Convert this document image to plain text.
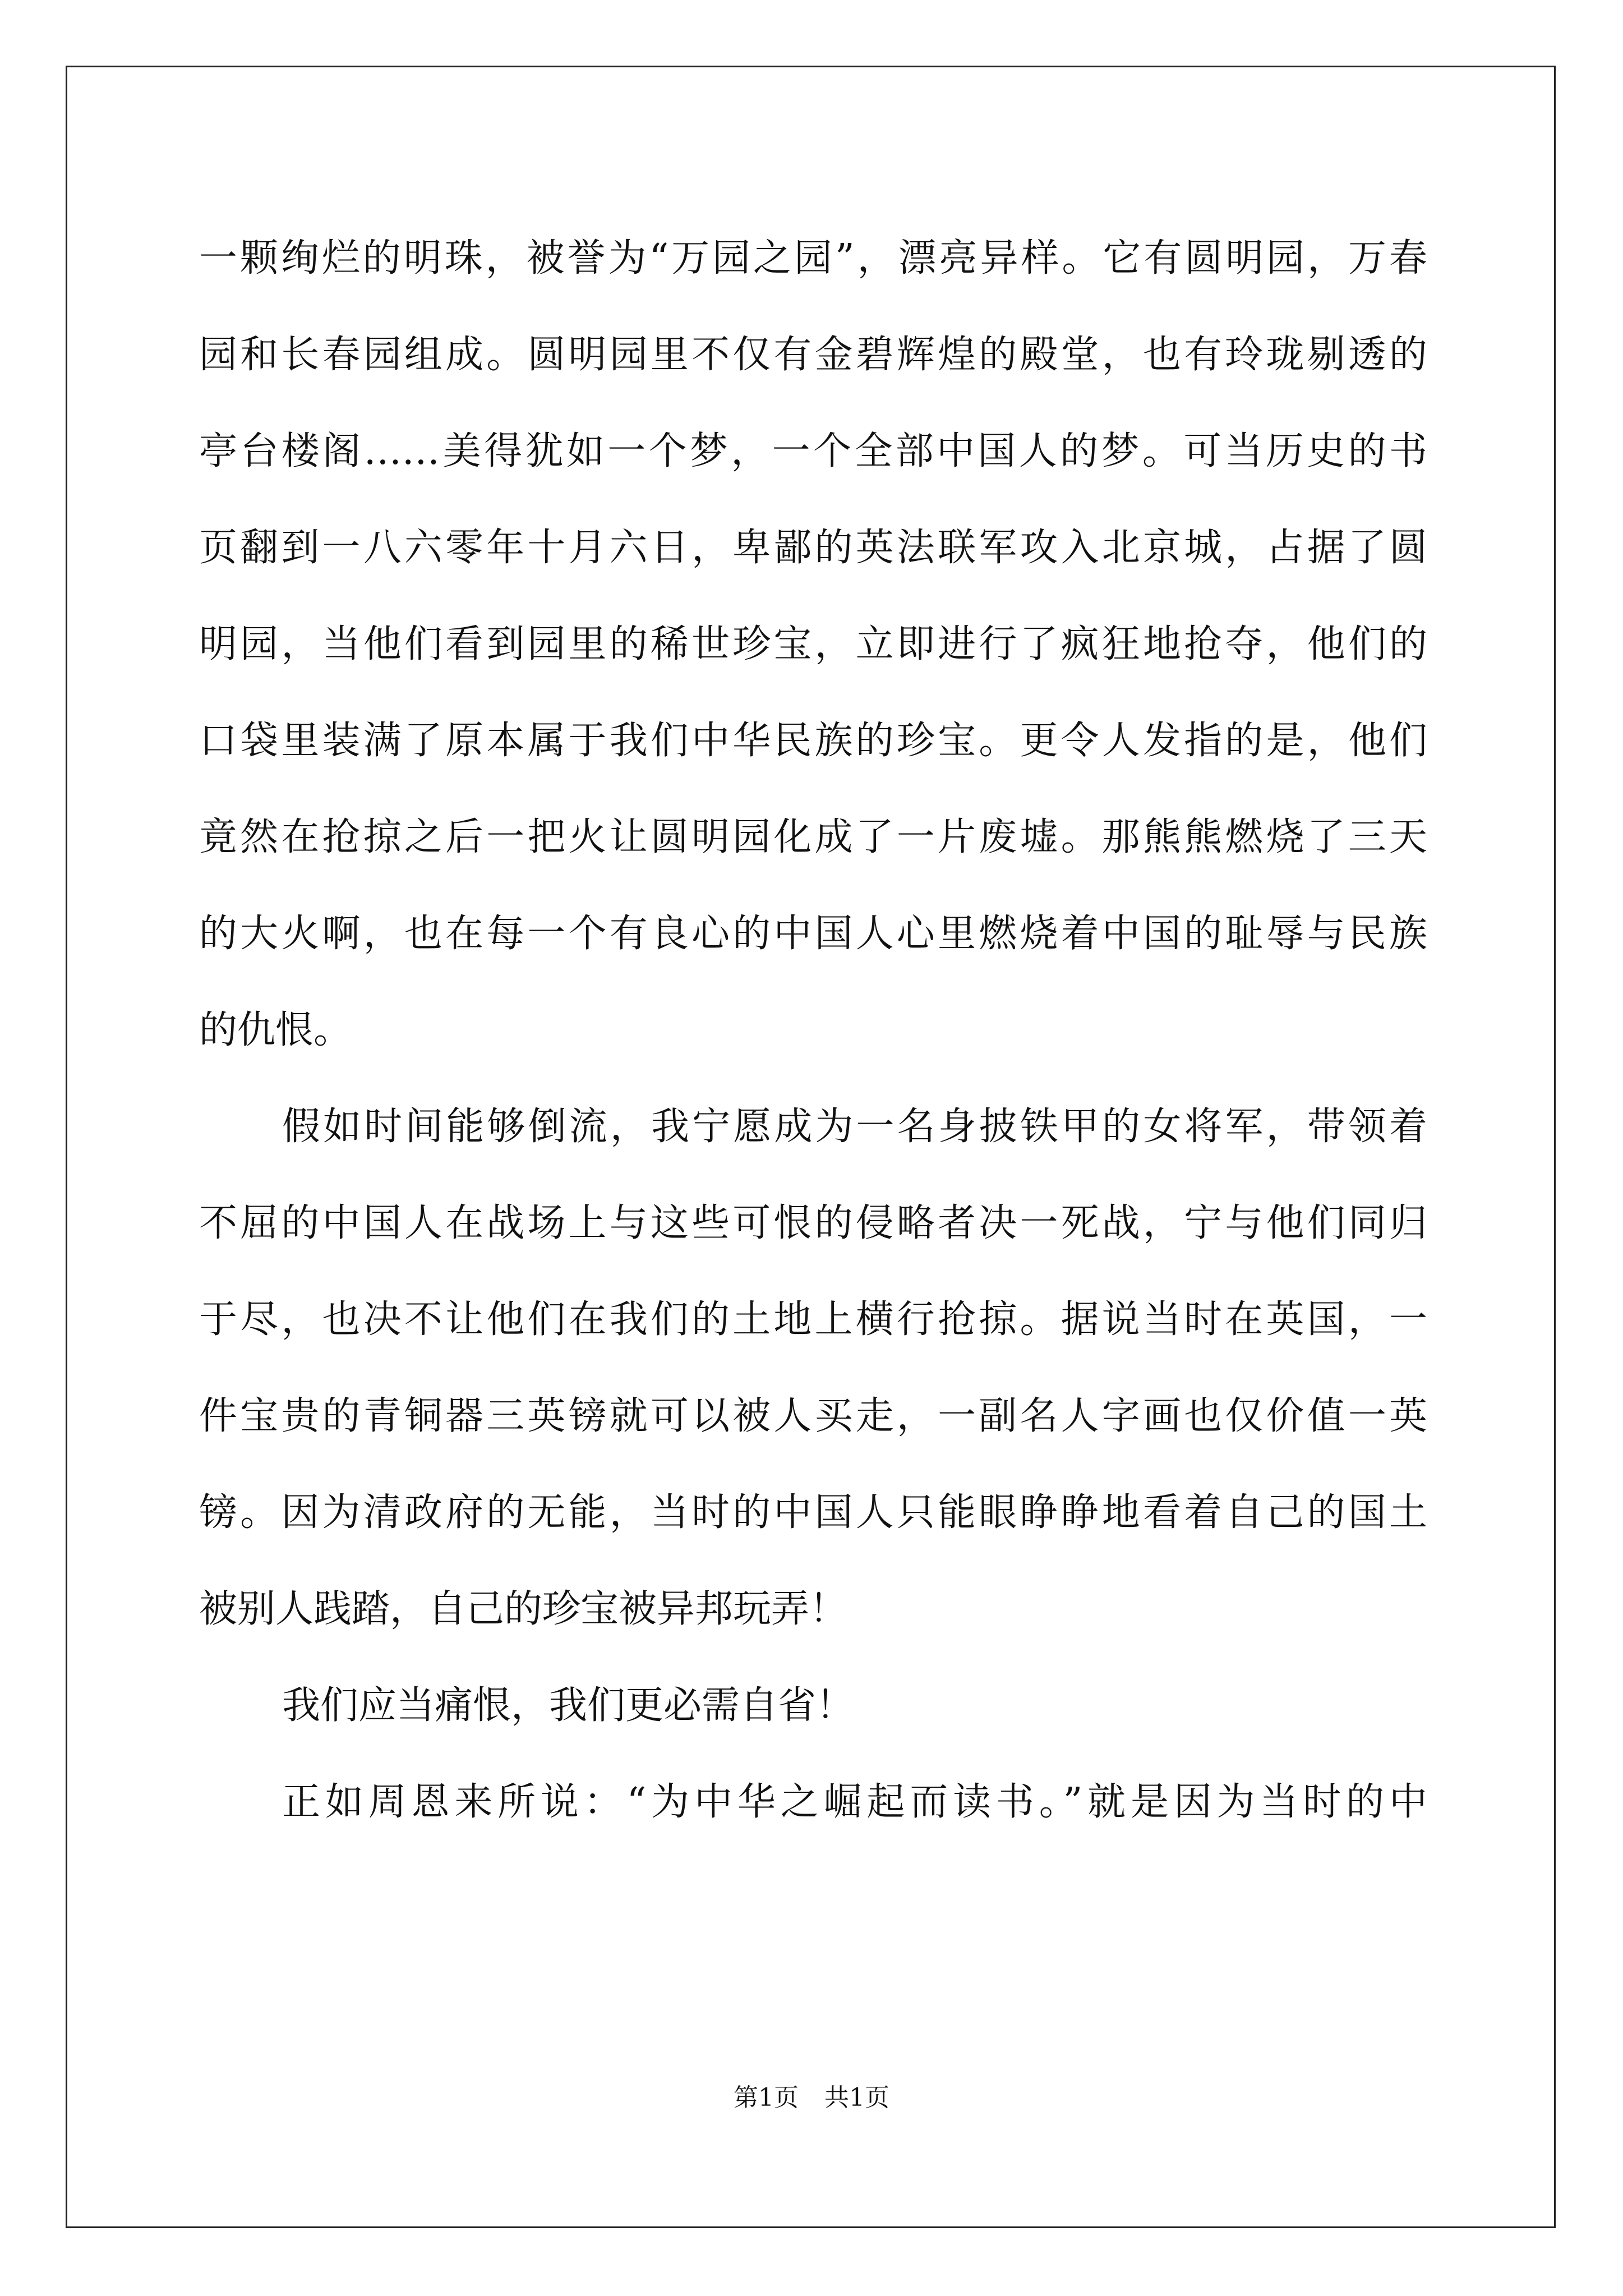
一颗绚烂的明珠，被誉为“万园之园”，漂亮异样。它有圆明园，万春
园和长春园组成。圆明园里不仅有金碧辉煌的殿堂，也有玲珑剔透的
亭台楼阁……美得犹如一个梦，一个全部中国人的梦。可当历史的书
页翻到一八六零年十月六日，卑鄙的英法联军攻入北京城，占据了圆
明园，当他们看到园里的稀世珍宝，立即进行了疯狂地抢夺，他们的
口袋里装满了原本属于我们中华民族的珍宝。更令人发指的是，他们
竟然在抢掠之后一把火让圆明园化成了一片废墟。那熊熊燃烧了三天
的大火啊，也在每一个有良心的中国人心里燃烧着中国的耻辱与民族
的仇恨。
假如时间能够倒流，我宁愿成为一名身披铁甲的女将军，带领着
不屈的中国人在战场上与这些可恨的侵略者决一死战，宁与他们同归
于尽，也决不让他们在我们的土地上横行抢掠。据说当时在英国，一
件宝贵的青铜器三英镑就可以被人买走，一副名人字画也仅价值一英
镑。因为清政府的无能，当时的中国人只能眼睁睁地看着自己的国土
被别人践踏，自己的珍宝被异邦玩弄！
我们应当痛恨，我们更必需自省！
正如周恩来所说：“为中华之崛起而读书。”就是因为当时的中
第1页 共1页
